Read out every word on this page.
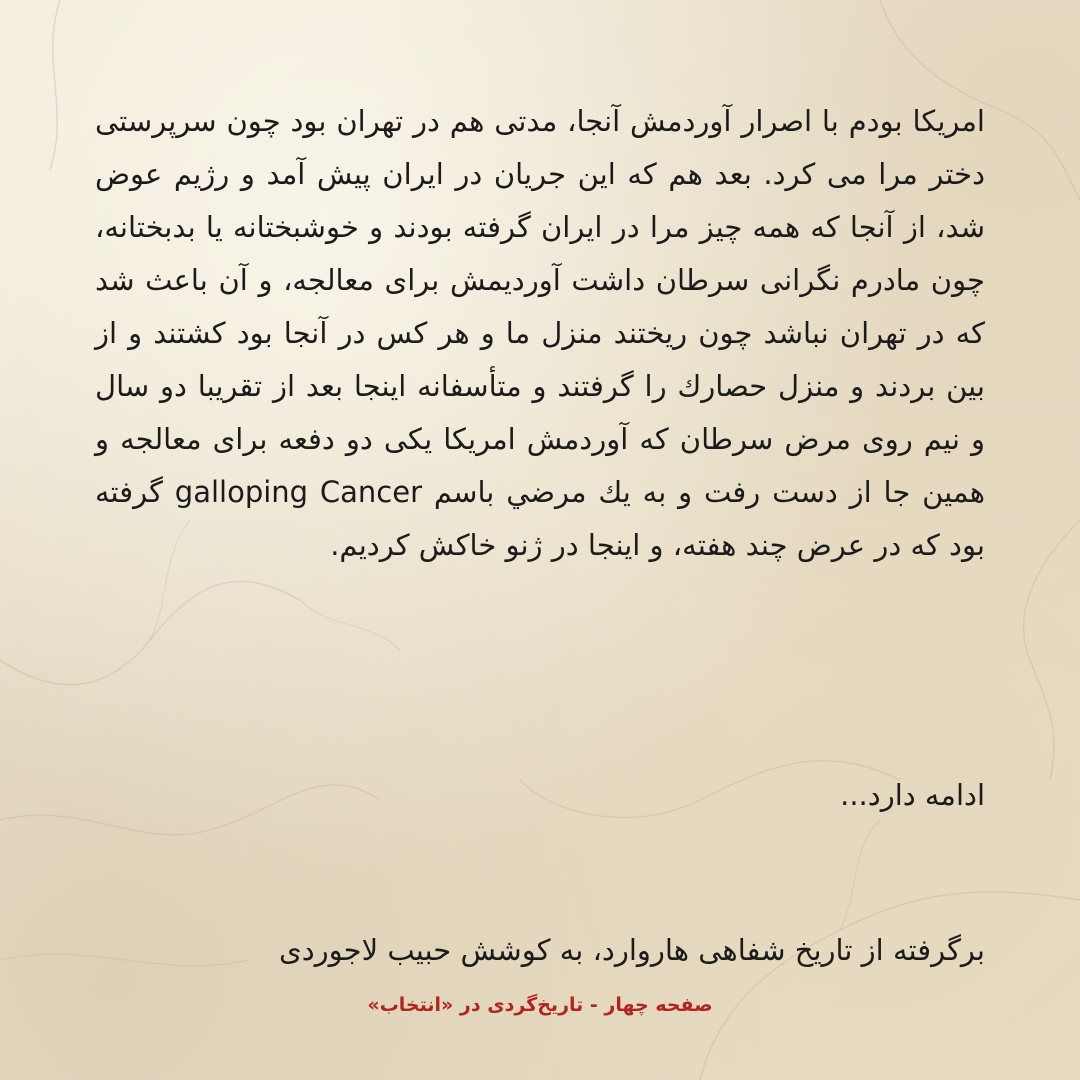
امریکا بودم با اصرار آوردمش آنجا، مدتی هم در تهران بود چون سرپرستی دختر مرا می کرد. بعد هم که این جریان در ایران پیش آمد و رژیم عوض شد، از آنجا که همه چیز مرا در ایران گرفته بودند و خوشبختانه یا بدبختانه، چون مادرم نگرانی سرطان داشت آوردیمش برای معالجه، و آن باعث شد که در تهران نباشد چون ریختند منزل ما و هر کس در آنجا بود کشتند و از بین بردند و منزل حصارك را گرفتند و متأسفانه اینجا بعد از تقریبا دو سال و نیم روی مرض سرطان که آوردمش امریکا یکی دو دفعه برای معالجه و همین جا از دست رفت و به یك مرضي باسم galloping Cancer گرفته بود که در عرض چند هفته، و اینجا در ژنو خاکش کردیم.
ادامه دارد...
برگرفته از تاریخ شفاهی هاروارد، به کوشش حبیب لاجوردی
صفحه چهار - تاریخ‌گردی در «انتخاب»
